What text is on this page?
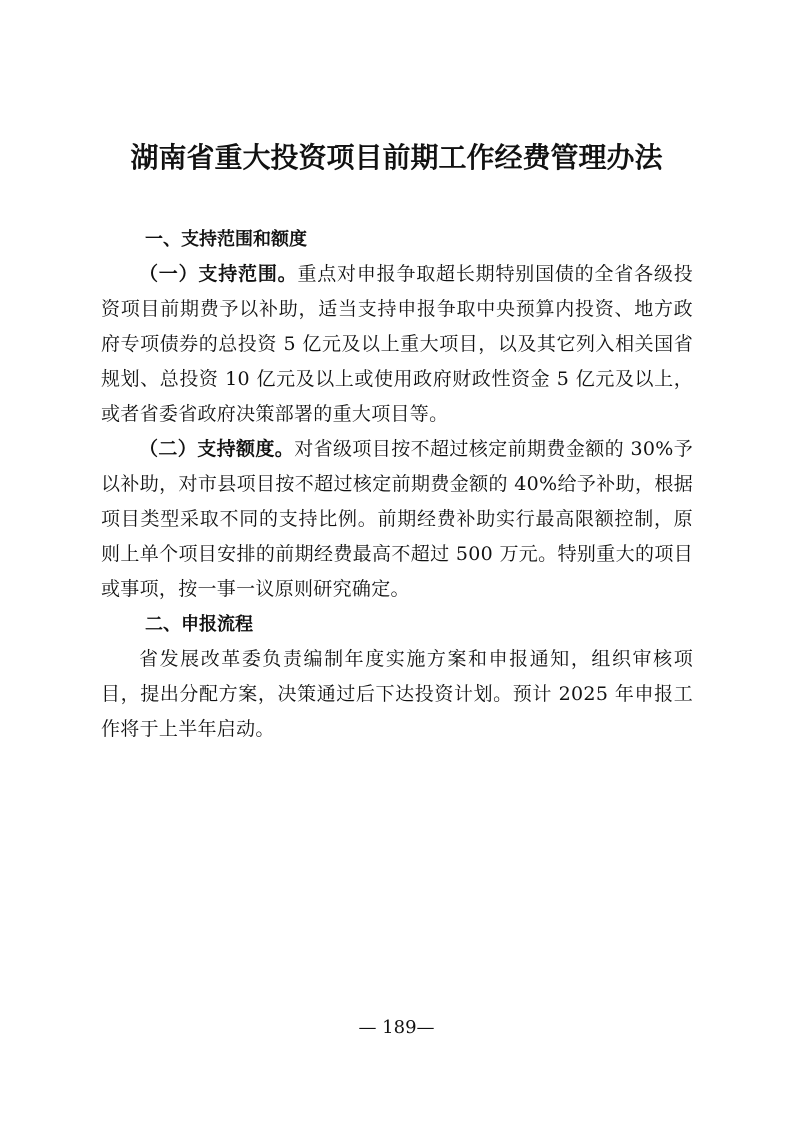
湖南省重大投资项目前期工作经费管理办法

一、支持范围和额度

（一）支持范围。重点对申报争取超长期特别国债的全省各级投资项目前期费予以补助，适当支持申报争取中央预算内投资、地方政府专项债券的总投资 5 亿元及以上重大项目，以及其它列入相关国省规划、总投资 10 亿元及以上或使用政府财政性资金 5 亿元及以上，或者省委省政府决策部署的重大项目等。

（二）支持额度。对省级项目按不超过核定前期费金额的 30%予以补助，对市县项目按不超过核定前期费金额的 40%给予补助，根据项目类型采取不同的支持比例。前期经费补助实行最高限额控制，原则上单个项目安排的前期经费最高不超过 500 万元。特别重大的项目或事项，按一事一议原则研究确定。

二、申报流程

省发展改革委负责编制年度实施方案和申报通知，组织审核项目，提出分配方案，决策通过后下达投资计划。预计 2025 年申报工作将于上半年启动。

— 189—
